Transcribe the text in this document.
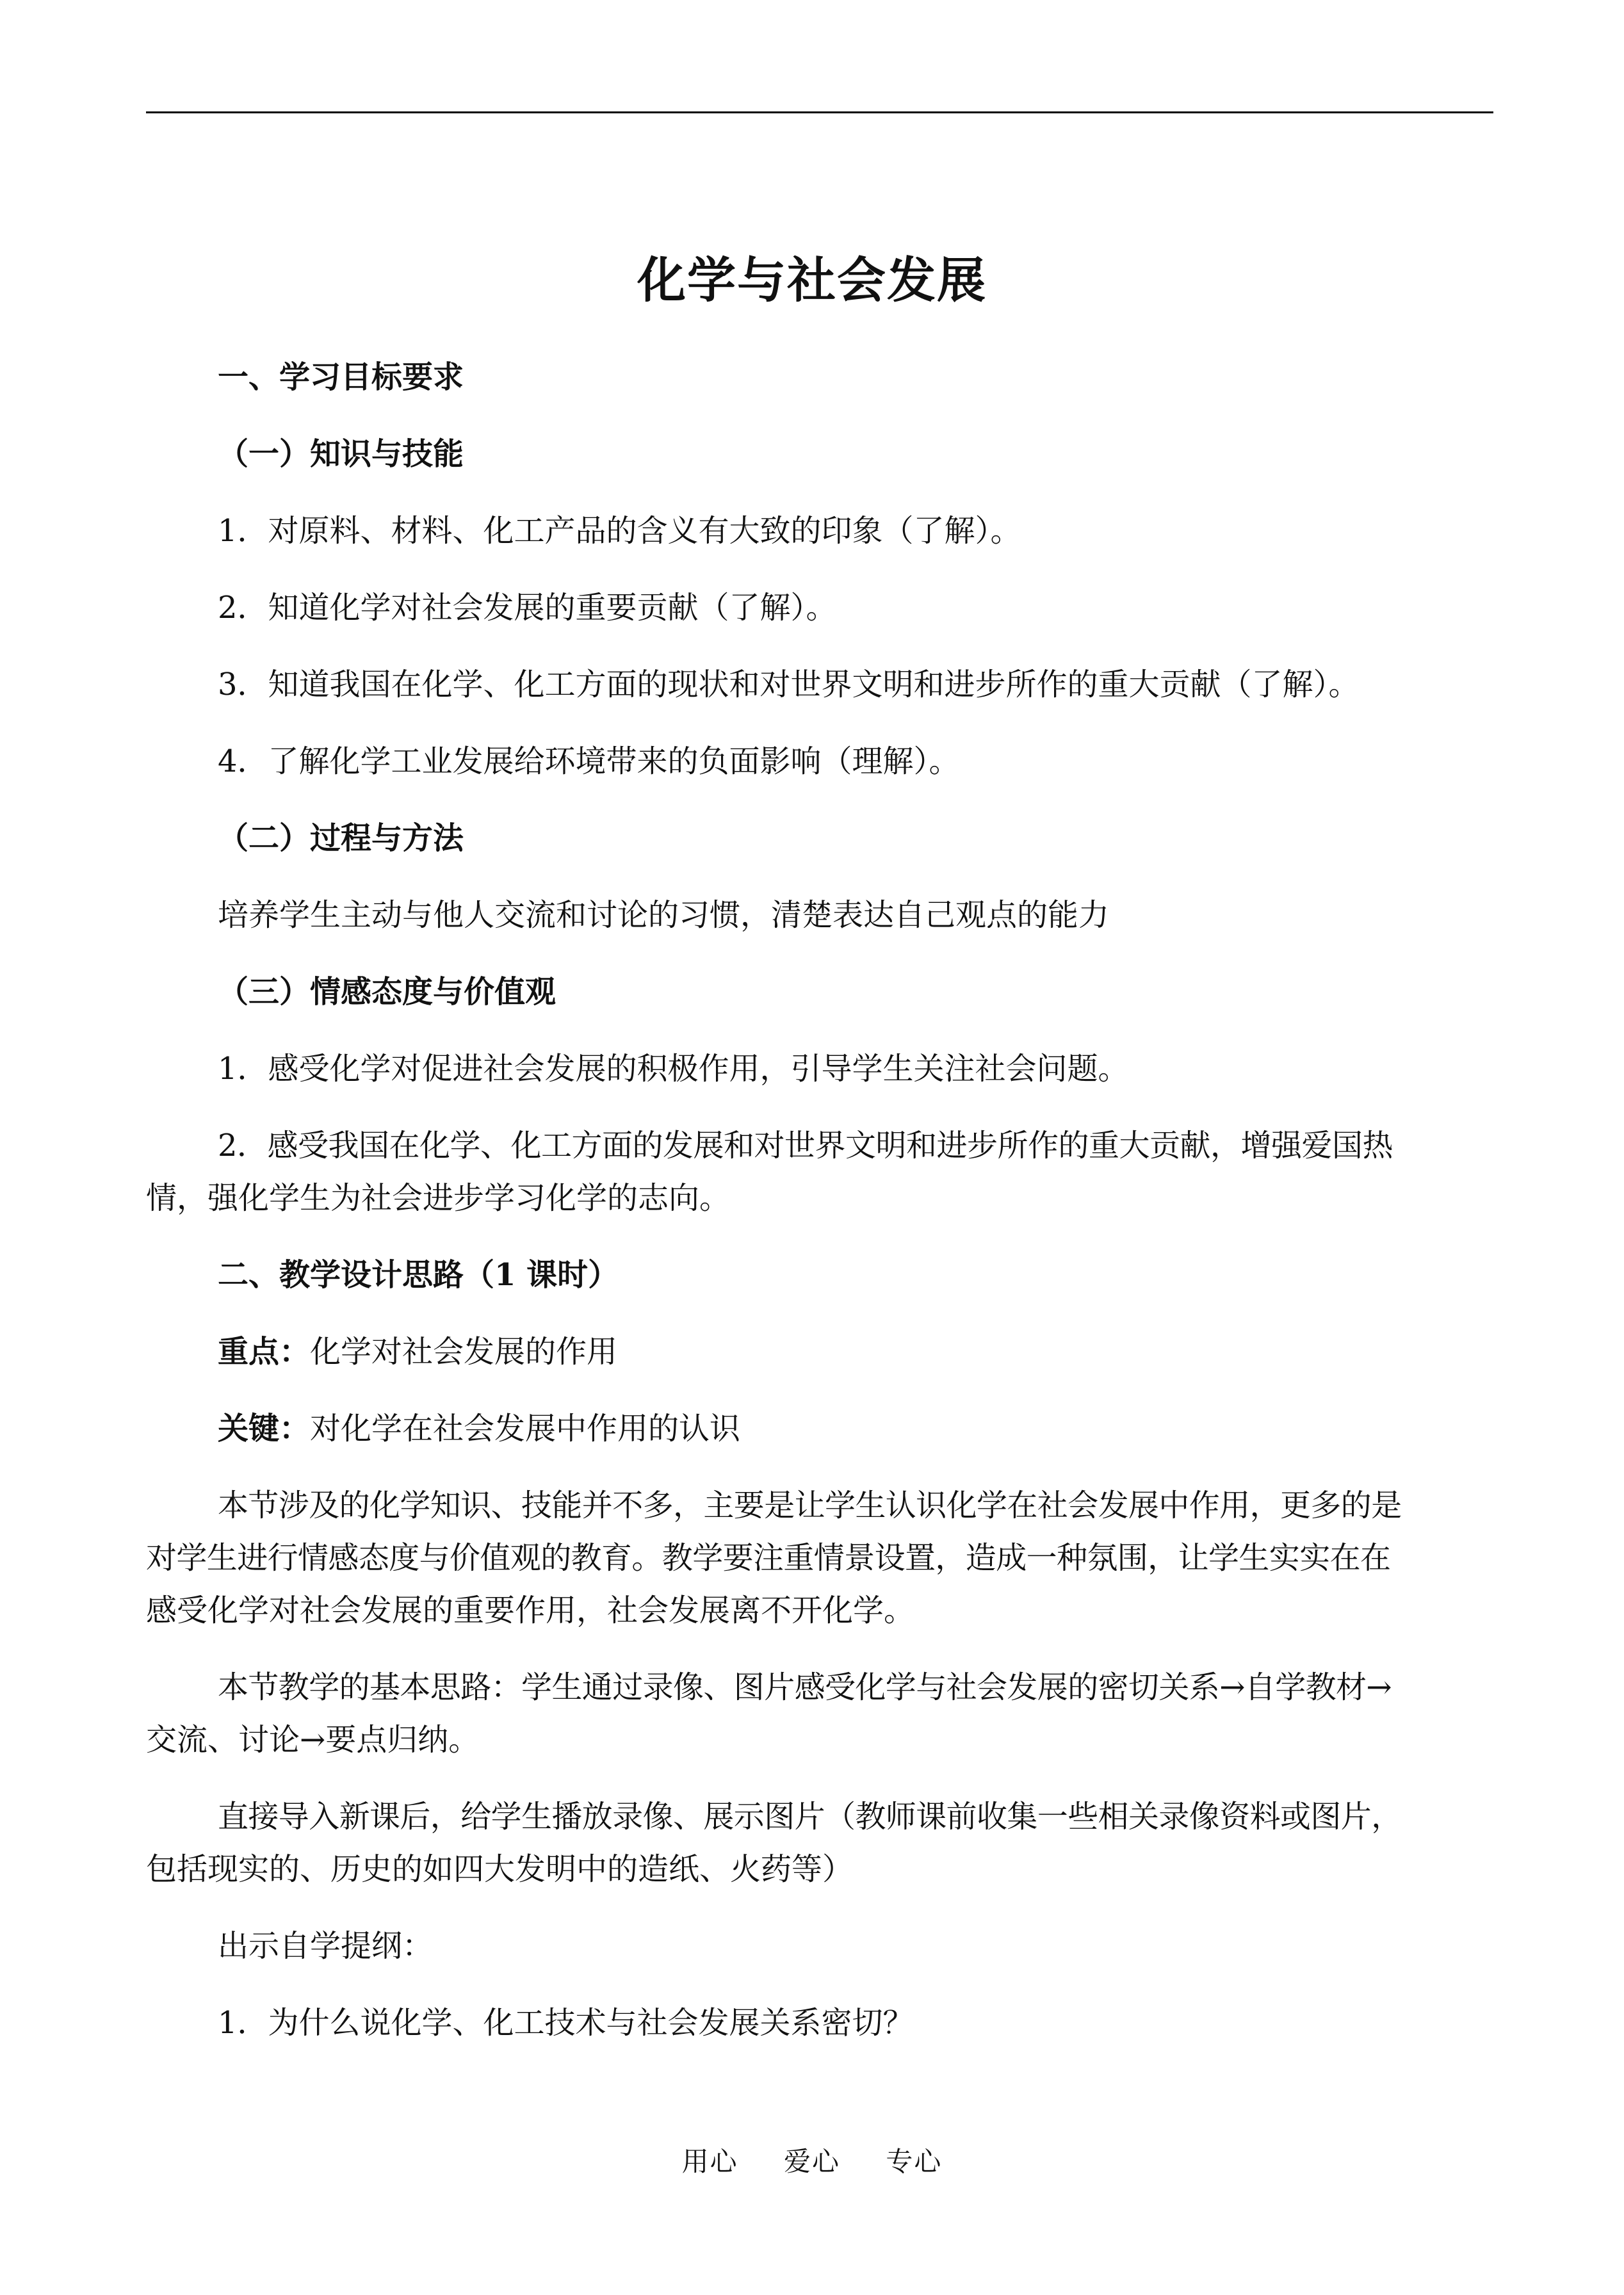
化学与社会发展
一、学习目标要求
（一）知识与技能
1．对原料、材料、化工产品的含义有大致的印象（了解）。
2．知道化学对社会发展的重要贡献（了解）。
3．知道我国在化学、化工方面的现状和对世界文明和进步所作的重大贡献（了解）。
4．了解化学工业发展给环境带来的负面影响（理解）。
（二）过程与方法
培养学生主动与他人交流和讨论的习惯，清楚表达自己观点的能力
（三）情感态度与价值观
1．感受化学对促进社会发展的积极作用，引导学生关注社会问题。
2．感受我国在化学、化工方面的发展和对世界文明和进步所作的重大贡献，增强爱国热
情，强化学生为社会进步学习化学的志向。
二、教学设计思路（1 课时）
重点：化学对社会发展的作用
关键：对化学在社会发展中作用的认识
本节涉及的化学知识、技能并不多，主要是让学生认识化学在社会发展中作用，更多的是
对学生进行情感态度与价值观的教育。教学要注重情景设置，造成一种氛围，让学生实实在在
感受化学对社会发展的重要作用，社会发展离不开化学。
本节教学的基本思路：学生通过录像、图片感受化学与社会发展的密切关系→自学教材→
交流、讨论→要点归纳。
直接导入新课后，给学生播放录像、展示图片（教师课前收集一些相关录像资料或图片，
包括现实的、历史的如四大发明中的造纸、火药等）
出示自学提纲：
1．为什么说化学、化工技术与社会发展关系密切？
用心 爱心 专心
